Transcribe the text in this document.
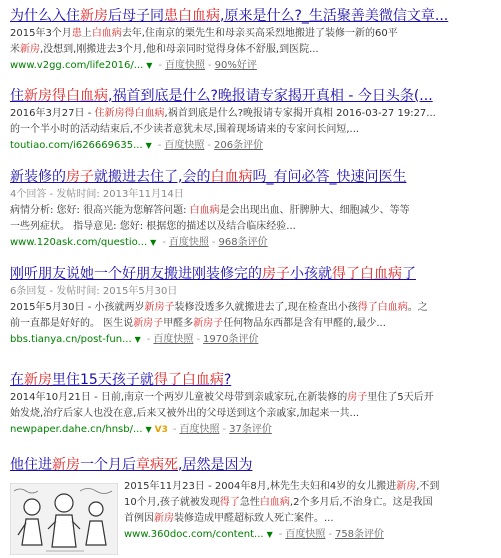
为什么入住新房后母子同患白血病,原来是什么?_生活聚善美微信文章...
2015年3个月患上白血病去年,住南京的栗先生和母亲买高采烈地搬进了装修一新的60平
米新房,没想到,刚搬进去3个月,他和母亲同时觉得身体不舒服,到医院...
www.v2gg.com/life2016/... ▼ - 百度快照 - 90%好评
住新房得白血病,祸首到底是什么?晚报请专家揭开真相 - 今日头条(...
2016年3月27日 - 住新房得白血病,祸首到底是什么?晚报请专家揭开真相 2016-03-27 19:27...
的一个半小时的活动结束后,不少读者意犹未尽,围着现场请来的专家问长问短,...
toutiao.com/i626669635... ▼ - 百度快照 - 206条评价
新装修的房子就搬进去住了,会的白血病吗_有问必答_快速问医生
4个回答 - 发帖时间: 2013年11月14日
病情分析: 您好: 很高兴能为您解答问题: 白血病是会出现出血、肝脾肿大、细胞减少、等等
一些列症状。 指导意见: 您好: 根据您的描述以及结合临床经验...
www.120ask.com/questio... ▼ - 百度快照 - 968条评价
刚听朋友说她一个好朋友搬进刚装修完的房子小孩就得了白血病了
6条回复 - 发帖时间: 2015年5月30日
2015年5月30日 - 小孩就两岁新房子装修没透多久就搬进去了,现在检查出小孩得了白血病。之
前一直都是好好的。 医生说新房子甲醛多新房子任何物品东西都是含有甲醛的,最少...
bbs.tianya.cn/post-fun... ▼ - 百度快照 - 1970条评价
在新房里住15天孩子就得了白血病?
2014年10月21日 - 日前,南京一个两岁儿童被父母带到亲戚家玩,在新装修的房子里住了5天后开
始发烧,治疗后家人也没在意,后来又被外出的父母送到这个亲戚家,加起来一共...
newpaper.dahe.cn/hnsb/... ▼ V3 - 百度快照 - 37条评价
他住进新房一个月后章病死,居然是因为
2015年11月23日 - 2004年8月,林先生夫妇和4岁的女儿搬进新房,不到
10个月,孩子就被发现得了急性白血病,2个多月后,不治身亡。这是我国
首例因新房装修造成甲醛超标致人死亡案件。...
www.360doc.com/content... ▼ - 百度快照 - 758条评价
